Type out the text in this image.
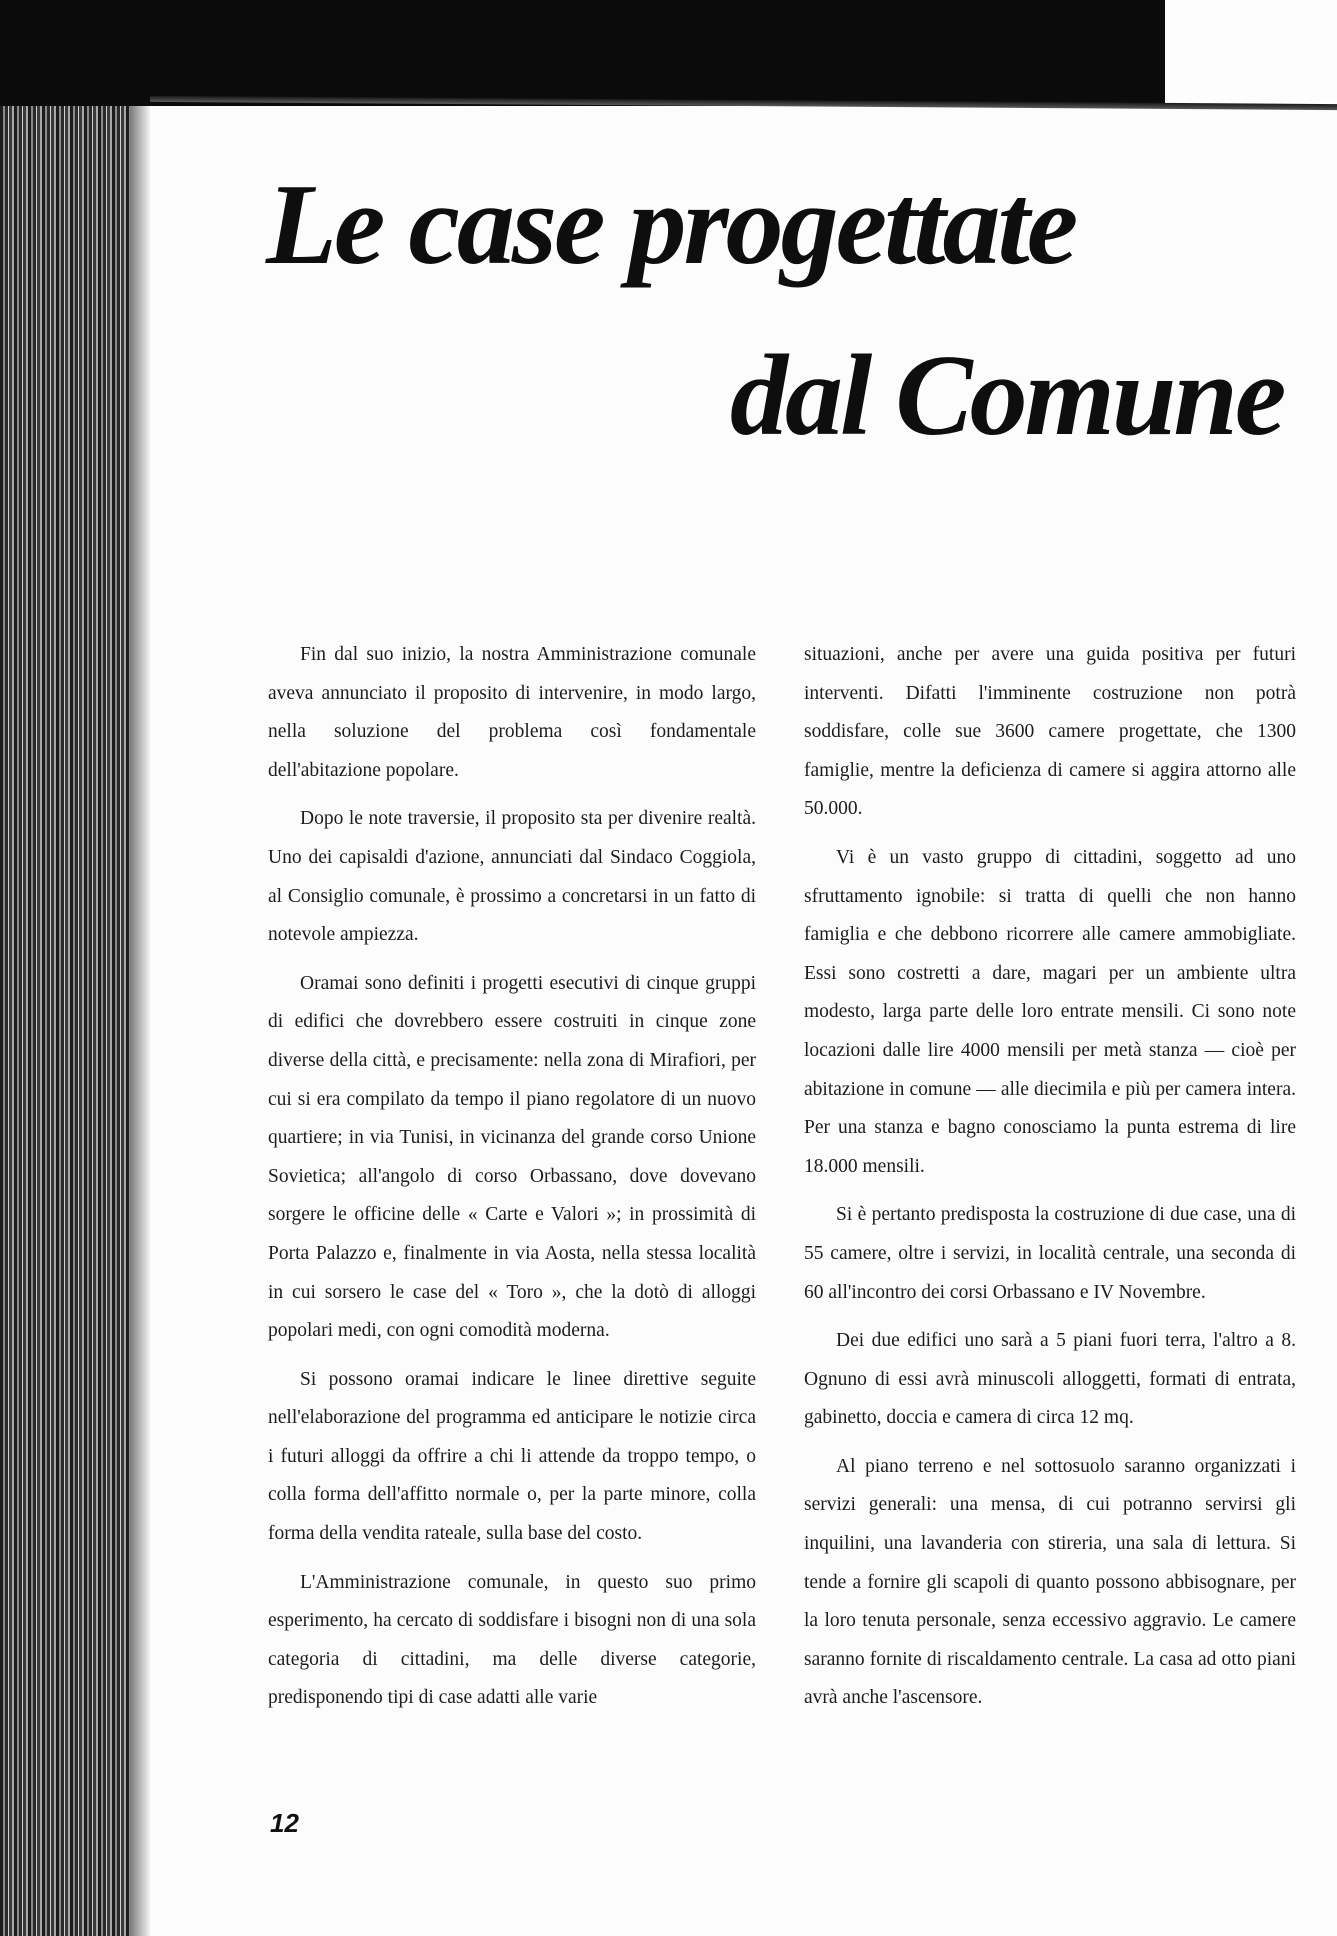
Le case progettate
dal Comune

Fin dal suo inizio, la nostra Amministrazione comunale aveva annunciato il proposito di intervenire, in modo largo, nella soluzione del problema così fondamentale dell'abitazione popolare.

Dopo le note traversie, il proposito sta per divenire realtà. Uno dei capisaldi d'azione, annunciati dal Sindaco Coggiola, al Consiglio comunale, è prossimo a concretarsi in un fatto di notevole ampiezza.

Oramai sono definiti i progetti esecutivi di cinque gruppi di edifici che dovrebbero essere costruiti in cinque zone diverse della città, e precisamente: nella zona di Mirafiori, per cui si era compilato da tempo il piano regolatore di un nuovo quartiere; in via Tunisi, in vicinanza del grande corso Unione Sovietica; all'angolo di corso Orbassano, dove dovevano sorgere le officine delle « Carte e Valori »; in prossimità di Porta Palazzo e, finalmente in via Aosta, nella stessa località in cui sorsero le case del « Toro », che la dotò di alloggi popolari medi, con ogni comodità moderna.

Si possono oramai indicare le linee direttive seguite nell'elaborazione del programma ed anticipare le notizie circa i futuri alloggi da offrire a chi li attende da troppo tempo, o colla forma dell'affitto normale o, per la parte minore, colla forma della vendita rateale, sulla base del costo.

L'Amministrazione comunale, in questo suo primo esperimento, ha cercato di soddisfare i bisogni non di una sola categoria di cittadini, ma delle diverse categorie, predisponendo tipi di case adatti alle varie

situazioni, anche per avere una guida positiva per futuri interventi. Difatti l'imminente costruzione non potrà soddisfare, colle sue 3600 camere progettate, che 1300 famiglie, mentre la deficienza di camere si aggira attorno alle 50.000.

Vi è un vasto gruppo di cittadini, soggetto ad uno sfruttamento ignobile: si tratta di quelli che non hanno famiglia e che debbono ricorrere alle camere ammobigliate. Essi sono costretti a dare, magari per un ambiente ultra modesto, larga parte delle loro entrate mensili. Ci sono note locazioni dalle lire 4000 mensili per metà stanza — cioè per abitazione in comune — alle diecimila e più per camera intera. Per una stanza e bagno conosciamo la punta estrema di lire 18.000 mensili.

Si è pertanto predisposta la costruzione di due case, una di 55 camere, oltre i servizi, in località centrale, una seconda di 60 all'incontro dei corsi Orbassano e IV Novembre.

Dei due edifici uno sarà a 5 piani fuori terra, l'altro a 8. Ognuno di essi avrà minuscoli alloggetti, formati di entrata, gabinetto, doccia e camera di circa 12 mq.

Al piano terreno e nel sottosuolo saranno organizzati i servizi generali: una mensa, di cui potranno servirsi gli inquilini, una lavanderia con stireria, una sala di lettura. Si tende a fornire gli scapoli di quanto possono abbisognare, per la loro tenuta personale, senza eccessivo aggravio. Le camere saranno fornite di riscaldamento centrale. La casa ad otto piani avrà anche l'ascensore.

12
